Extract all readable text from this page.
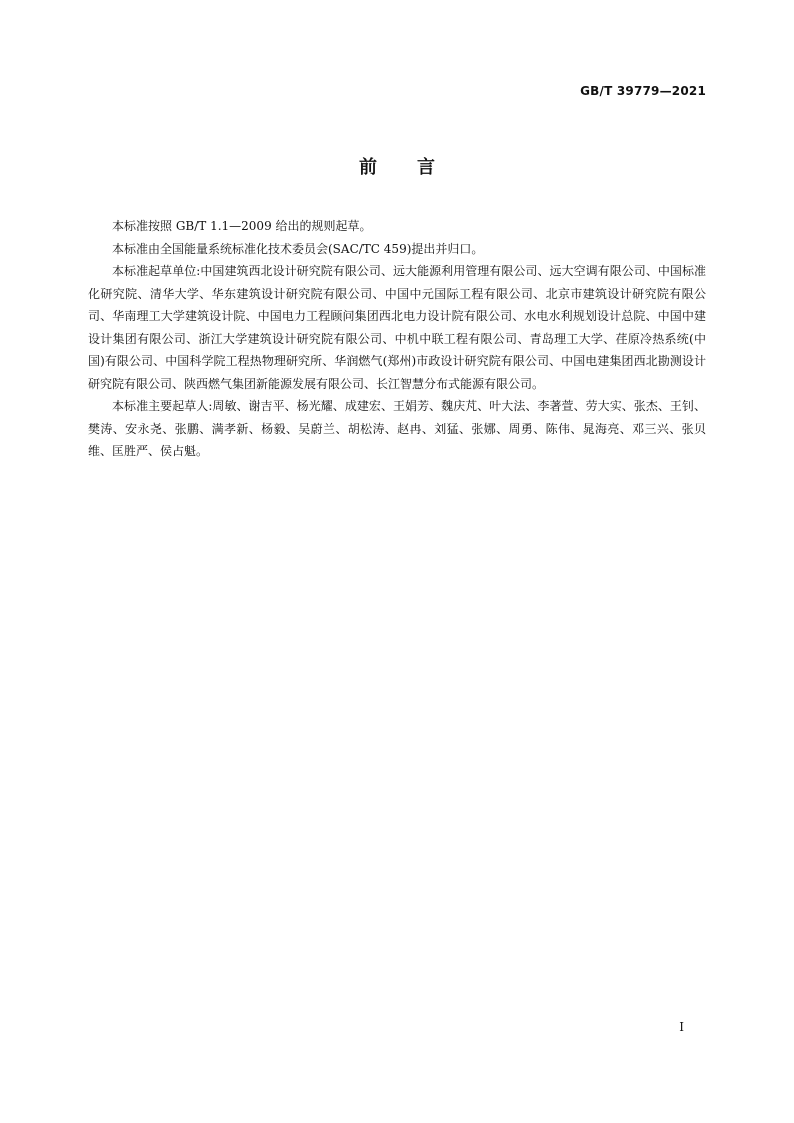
GB/T 39779—2021
前 言

本标准按照 GB/T 1.1—2009 给出的规则起草。

本标准由全国能量系统标准化技术委员会(SAC/TC 459)提出并归口。

本标准起草单位:中国建筑西北设计研究院有限公司、远大能源利用管理有限公司、远大空调有限公司、中国标准化研究院、清华大学、华东建筑设计研究院有限公司、中国中元国际工程有限公司、北京市建筑设计研究院有限公司、华南理工大学建筑设计院、中国电力工程顾问集团西北电力设计院有限公司、水电水利规划设计总院、中国中建设计集团有限公司、浙江大学建筑设计研究院有限公司、中机中联工程有限公司、青岛理工大学、荏原冷热系统(中国)有限公司、中国科学院工程热物理研究所、华润燃气(郑州)市政设计研究院有限公司、中国电建集团西北勘测设计研究院有限公司、陕西燃气集团新能源发展有限公司、长江智慧分布式能源有限公司。

本标准主要起草人:周敏、谢吉平、杨光耀、成建宏、王娟芳、魏庆芃、叶大法、李著萱、劳大实、张杰、王钊、樊涛、安永尧、张鹏、满孝新、杨毅、吴蔚兰、胡松涛、赵冉、刘猛、张娜、周勇、陈伟、晁海亮、邓三兴、张贝维、匡胜严、侯占魁。

I
